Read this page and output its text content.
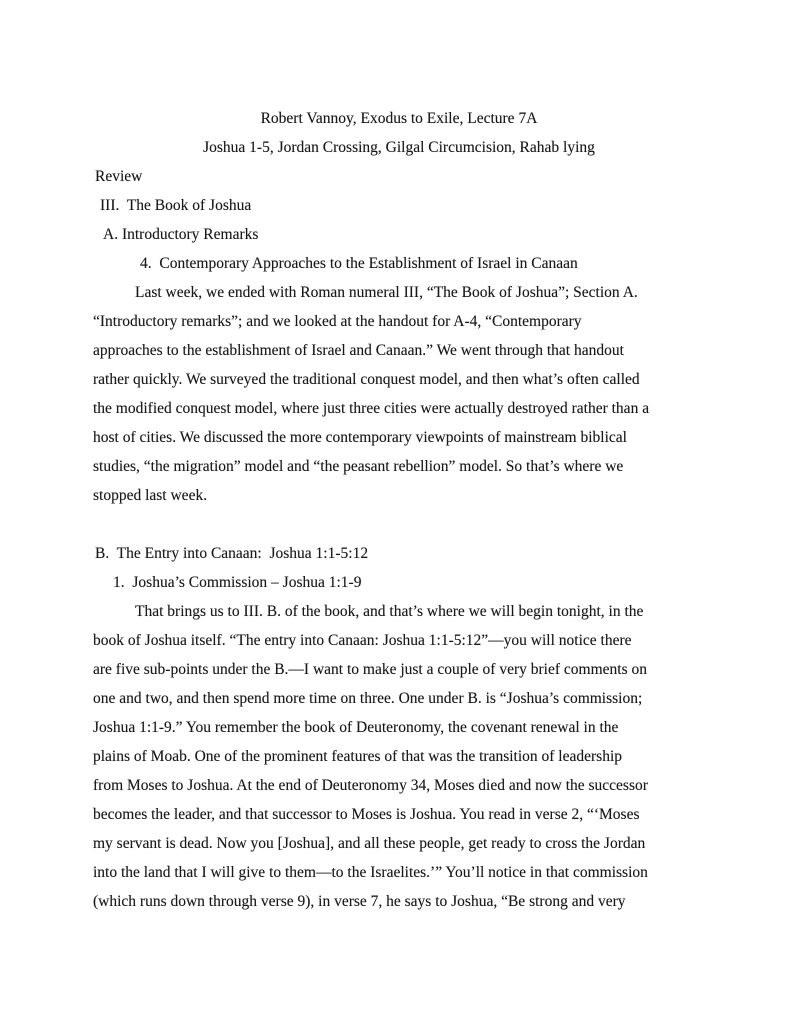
Robert Vannoy, Exodus to Exile, Lecture 7A
Joshua 1-5, Jordan Crossing, Gilgal Circumcision, Rahab lying
Review
III.  The Book of Joshua
A. Introductory Remarks
4.  Contemporary Approaches to the Establishment of Israel in Canaan
Last week, we ended with Roman numeral III, “The Book of Joshua”; Section A.
“Introductory remarks”; and we looked at the handout for A-4, “Contemporary
approaches to the establishment of Israel and Canaan.” We went through that handout
rather quickly. We surveyed the traditional conquest model, and then what’s often called
the modified conquest model, where just three cities were actually destroyed rather than a
host of cities. We discussed the more contemporary viewpoints of mainstream biblical
studies, “the migration” model and “the peasant rebellion” model. So that’s where we
stopped last week.
B.  The Entry into Canaan:  Joshua 1:1-5:12
1.  Joshua’s Commission – Joshua 1:1-9
That brings us to III. B. of the book, and that’s where we will begin tonight, in the
book of Joshua itself. “The entry into Canaan: Joshua 1:1-5:12”—you will notice there
are five sub-points under the B.—I want to make just a couple of very brief comments on
one and two, and then spend more time on three. One under B. is “Joshua’s commission;
Joshua 1:1-9.” You remember the book of Deuteronomy, the covenant renewal in the
plains of Moab. One of the prominent features of that was the transition of leadership
from Moses to Joshua. At the end of Deuteronomy 34, Moses died and now the successor
becomes the leader, and that successor to Moses is Joshua. You read in verse 2, “‘Moses
my servant is dead. Now you [Joshua], and all these people, get ready to cross the Jordan
into the land that I will give to them—to the Israelites.’” You’ll notice in that commission
(which runs down through verse 9), in verse 7, he says to Joshua, “Be strong and very
